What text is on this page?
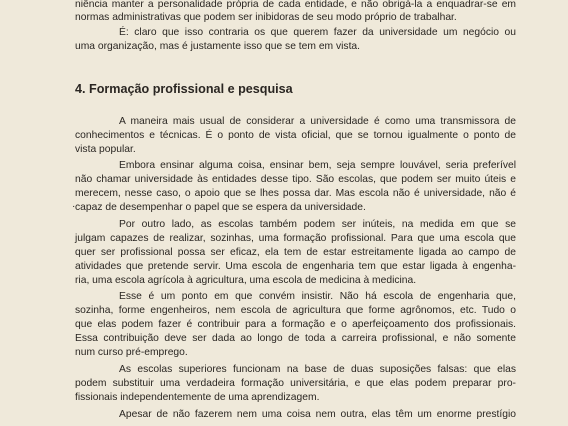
niência manter a personalidade própria de cada entidade, e não obrigá-la a enquadrar-se em
normas administrativas que podem ser inibidoras de seu modo próprio de trabalhar.
É: claro que isso contraria os que querem fazer da universidade um negócio ou
uma organização, mas é justamente isso que se tem em vista.
4. Formação profissional e pesquisa
A maneira mais usual de considerar a universidade é como uma transmissora de
conhecimentos e técnicas. É o ponto de vista oficial, que se tornou igualmente o ponto de
vista popular.
Embora ensinar alguma coisa, ensinar bem, seja sempre louvável, seria preferível
não chamar universidade às entidades desse tipo. São escolas, que podem ser muito úteis e
merecem, nesse caso, o apoio que se lhes possa dar. Mas escola não é universidade, não é
· capaz de desempenhar o papel que se espera da universidade.
Por outro lado, as escolas também podem ser inúteis, na medida em que se
julgam capazes de realizar, sozinhas, uma formação profissional. Para que uma escola que
quer ser profissional possa ser eficaz, ela tem de estar estreitamente ligada ao campo de
atividades que pretende servir. Uma escola de engenharia tem que estar ligada à engenha-
ria, uma escola agrícola à agricultura, uma escola de medicina à medicina.
Esse é um ponto em que convém insistir. Não há escola de engenharia que,
sozinha, forme engenheiros, nem escola de agricultura que forme agrônomos, etc. Tudo o
que elas podem fazer é contribuir para a formação e o aperfeiçoamento dos profissionais.
Essa contribuição deve ser dada ao longo de toda a carreira profissional, e não somente
num curso pré-emprego.
As escolas superiores funcionam na base de duas suposições falsas: que elas
podem substituir uma verdadeira formação universitária, e que elas podem preparar pro-
fissionais independentemente de uma aprendizagem.
Apesar de não fazerem nem uma coisa nem outra, elas têm um enorme prestígio
